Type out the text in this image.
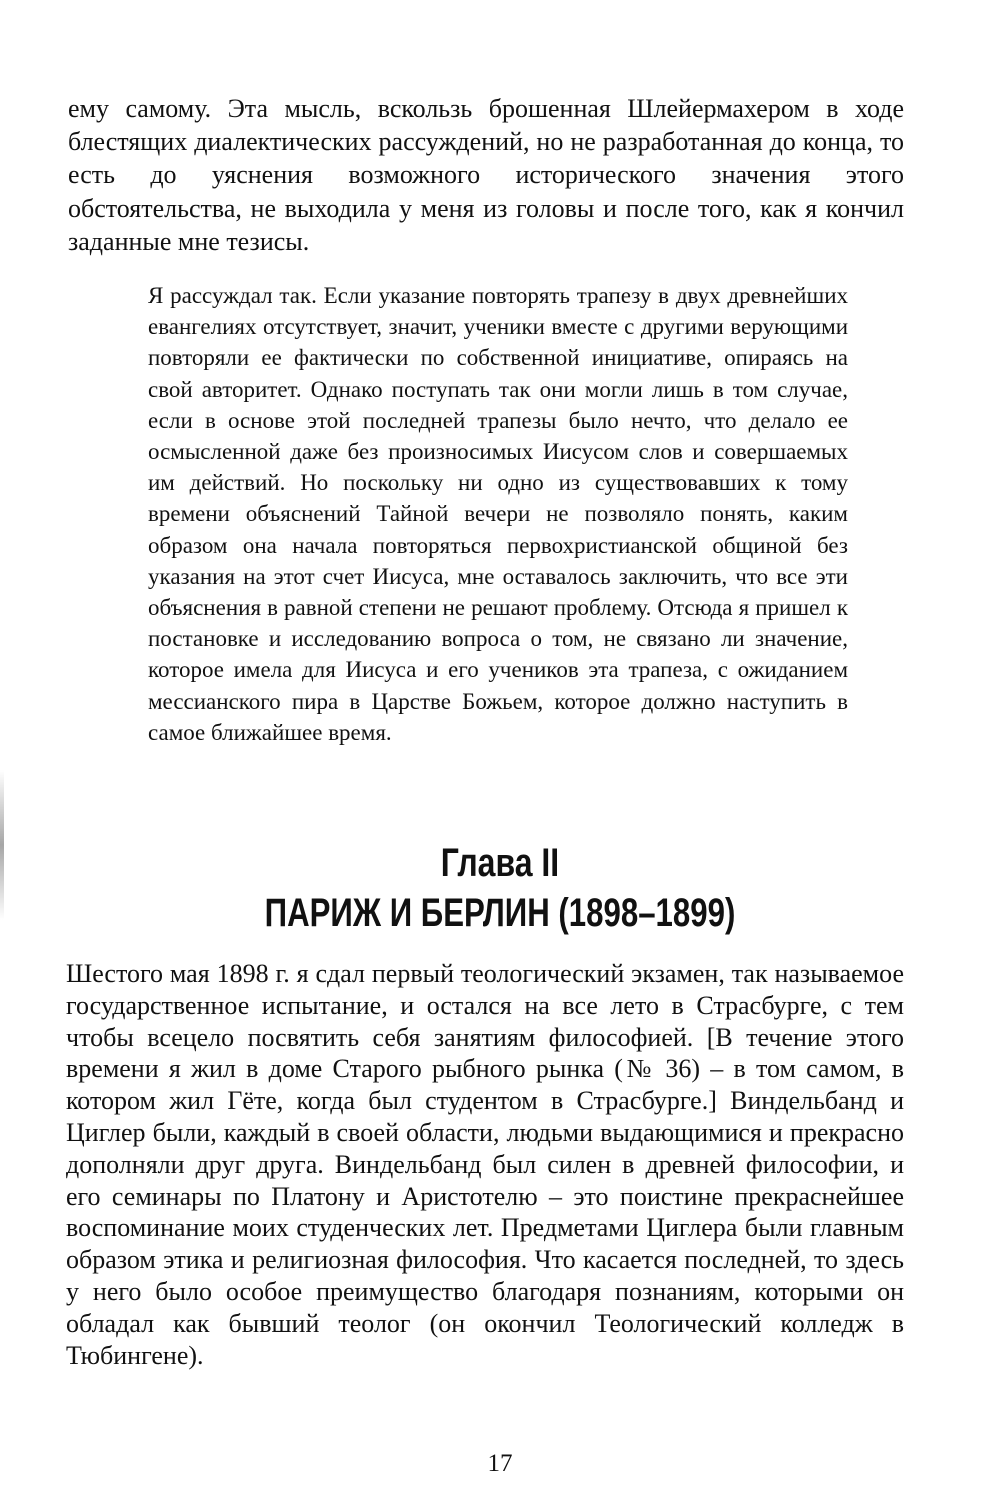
ему самому. Эта мысль, вскользь брошенная Шлейермахером в ходе блестящих диалектических рассуждений, но не разработанная до конца, то есть до уяснения возможного исторического значения этого обстоятельства, не выходила у меня из головы и после того, как я кончил заданные мне тезисы.

Я рассуждал так. Если указание повторять трапезу в двух древнейших евангелиях отсутствует, значит, ученики вместе с другими верующими повторяли ее фактически по собственной инициативе, опираясь на свой авторитет. Однако поступать так они могли лишь в том случае, если в основе этой последней трапезы было нечто, что делало ее осмысленной даже без произносимых Иисусом слов и совершаемых им действий. Но поскольку ни одно из существовавших к тому времени объяснений Тайной вечери не позволяло понять, каким образом она начала повторяться первохристианской общиной без указания на этот счет Иисуса, мне оставалось заключить, что все эти объяснения в равной степени не решают проблему. Отсюда я пришел к постановке и исследованию вопроса о том, не связано ли значение, которое имела для Иисуса и его учеников эта трапеза, с ожиданием мессианского пира в Царстве Божьем, которое должно наступить в самое ближайшее время.

Глава II
ПАРИЖ И БЕРЛИН (1898–1899)

Шестого мая 1898 г. я сдал первый теологический экзамен, так называемое государственное испытание, и остался на все лето в Страсбурге, с тем чтобы всецело посвятить себя занятиям философией. [В течение этого времени я жил в доме Старого рыбного рынка (№ 36) – в том самом, в котором жил Гёте, когда был студентом в Страсбурге.] Виндельбанд и Циглер были, каждый в своей области, людьми выдающимися и прекрасно дополняли друг друга. Виндельбанд был силен в древней философии, и его семинары по Платону и Аристотелю – это поистине прекраснейшее воспоминание моих студенческих лет. Предметами Циглера были главным образом этика и религиозная философия. Что касается последней, то здесь у него было особое преимущество благодаря познаниям, которыми он обладал как бывший теолог (он окончил Теологический колледж в Тюбингене).

17
